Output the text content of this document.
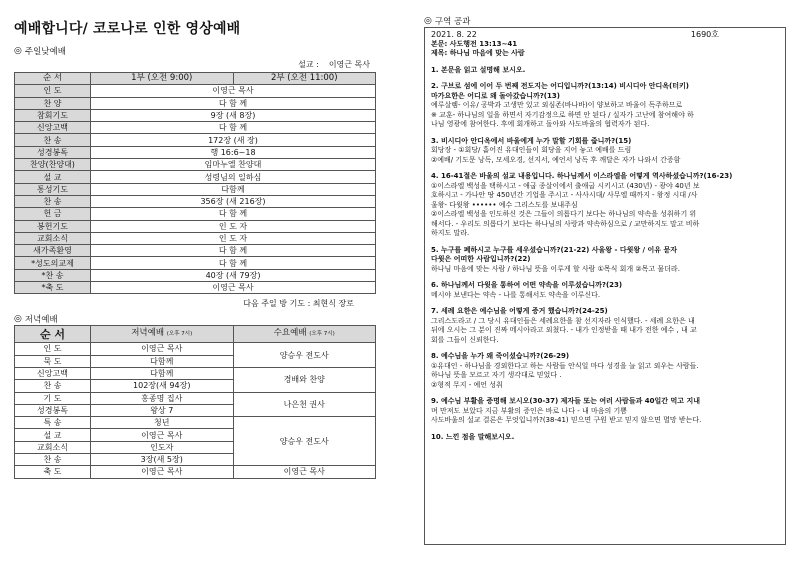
예배합니다/ 코로나로 인한 영상예배
◎ 주일낮예배
설교 : 이영근 목사
순 서	1부 (오전 9:00)	2부 (오전 11:00)
인 도	이영근 목사	
찬 양	다 함 께	
참회기도	9장 (새 8장)	
신앙고백	다 함 께	
찬 송	172장 (새 장)	
성경봉독	행 16:6~18	
찬양(찬양대)	임마누엘 찬양대	
설 교	성령님의 일하심	
통성기도	다함께	
찬 송	356장 (새 216장)	
헌 금	다 함 께	
봉헌기도	인 도 자	
교회소식	인 도 자	
새가족환영	다 함 께	
*성도의교제	다 함 께	
*찬 송	40장 (새 79장)	
*축 도	이영근 목사	
다음 주일 방 기도 : 최현식 장로
◎ 저녁예배
순 서	저녁예배 (오후 7시)	수요예배 (오후 7시)
인 도	이영근 목사	양승우 전도사
묵 도	다함께	
신앙고백	다함께	경배와 찬양
찬 송	102장(새 94장)	
기 도	홍종명 집사	나은천 권사
성경봉독	왕상 7	
특 송	청년	양승우 전도사
설 교	이영근 목사	
교회소식	인도자	
찬 송	3장(새 5장)	
축 도	이영근 목사	이영근 목사
◎ 구역 공과
2021. 8. 22	1690호

본문: 사도행전 13:13~41

제목: 하나님 마음에 맞는 사람

1. 본문을 읽고 설명해 보시오.

2. 구브로 섬에 이어 두 번째 전도지는 어디입니까?(13:14) 비시디아 안디옥(터키)

마가요한은 어디로 왜 돌아갔습니까?(13)

예루살렘- 이유/ 공박과 고생만 있고 외심존(바나바)이 양보하고 바울이 독주하므로

※ 교훈- 하나님의 일을 하면서 자기감정으로 하면 안 된다 / 실자가 고난에 참여해야 하

나님 영광에 참여한다. 후에 회개하고 돌아와 사도바울의 협력자가 된다.

3. 비시디아 안디옥에서 바울에게 누가 말할 기회를 줍니까?(15)

회당장 - ①회당/ 흩어진 유대인들이 회당을 지어 놓고 예배를 드림

②예배/ 기도문 낭독, 모세오경, 선지서, 예언서 낭독 후 깨달은 자가 나와서 간증함

4. 16-41절은 바울의 설교 내용입니다. 하나님께서 이스라엘을 어떻게 역사하셨습니까?(16-23)

①이스라엘 백성을 택하시고 - 애굽 종살이에서 출애굽 시키시고 (430년) - 광야 40년 보

호하시고 - 가나안 땅 450년간 기업을 주시고 - 사사시대/ 사무엘 때까지 - 왕정 시대 /사

울왕- 다윗왕 •••••• 예수 그리스도를 보내주심

②이스라엘 백성을 인도하신 것은 그들이 의롭다기 보다는 하나님의 약속을 성취하기 위

해서다. - 우리도 의롭다기 보다는 하나님의 사랑과 약속하심으로 / 교만하지도 말고 비하

하지도 말라.

5. 누구를 폐하시고 누구를 세우셨습니까?(21-22) 사울왕 - 다윗왕 / 이유 묻자

다윗은 어떠한 사람입니까?(22)

하나님 마음에 맞는 사람 / 하나님 뜻을 이루게 할 사람 ①목식 회개 ②목고 물더라.

6. 하나님께서 다윗을 통하여 어떤 약속을 이루셨습니까?(23)

메시야 보낸다는 약속 - 나를 통해서도 약속을 이루신다.

7. 세례 요한은 예수님을 어떻게 증거 했습니까?(24-25)

그리스도라고 / 그 당시 유대인들은 세례요한을 참 선지자라 인식했다. - 세례 요한은 내

뒤에 오시는 그 분이 진짜 메시아라고 외쳤다. - 내가 인정받을 때 내가 전한 예수 , 내 교

회를 그들이 신뢰한다.

8. 예수님을 누가 왜 죽이셨습니까?(26-29)

①유대인 - 하나님을 경외한다고 하는 사람들 안식일 마다 성경을 늘 읽고 외우는 사람들.

하나님 뜻을 모르고 자기 생각대로 믿었다 .

②형적 무지 - 예언 성취

9. 예수님 부활을 증명해 보시오(30-37) 제자들 또는 여러 사람들과 40일간 먹고 지내

며 만져도 보았다 지금 부활의 증인은 바로 나다 - 내 마음의 기쁨

사도바울의 설교 결론은 무엇입니까?(38-41) 믿으면 구원 받고 믿지 않으면 멸망 받는다.

10. 느낀 점을 말해보시오.
